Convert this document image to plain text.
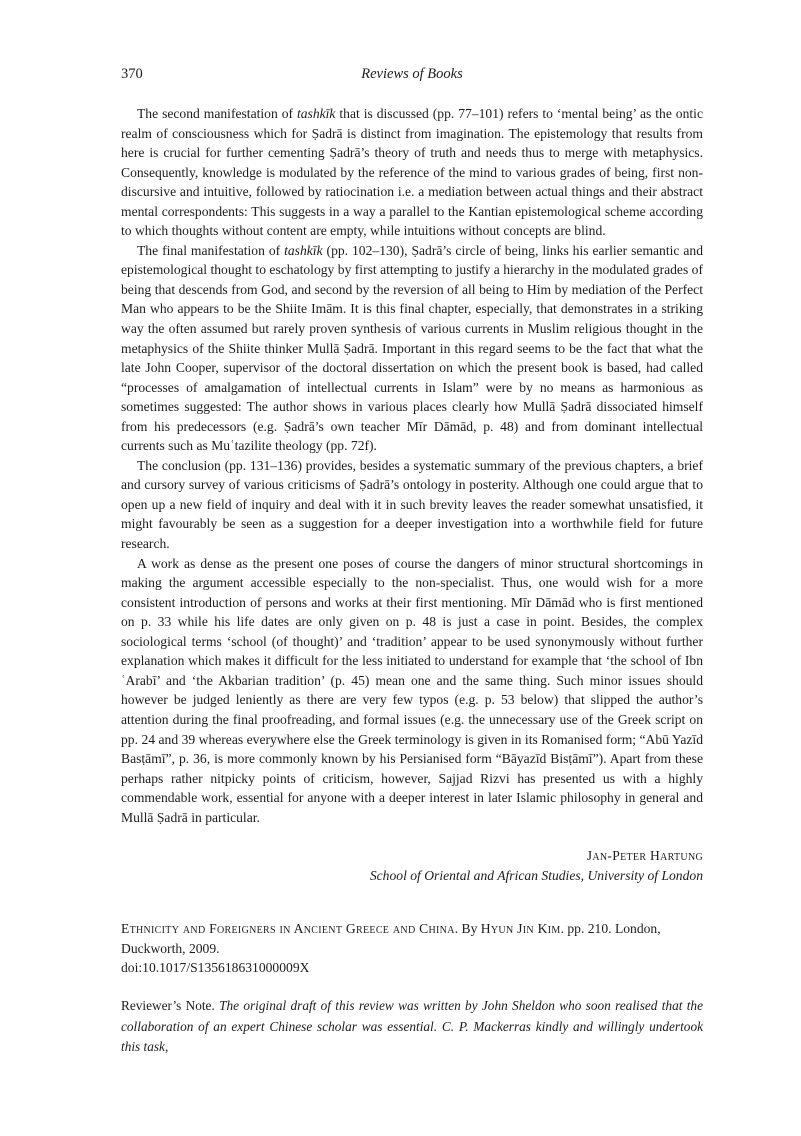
370	Reviews of Books

The second manifestation of tashkīk that is discussed (pp. 77–101) refers to ‘mental being’ as the ontic realm of consciousness which for Ṣadrā is distinct from imagination. The epistemology that results from here is crucial for further cementing Ṣadrā’s theory of truth and needs thus to merge with metaphysics. Consequently, knowledge is modulated by the reference of the mind to various grades of being, first non-discursive and intuitive, followed by ratiocination i.e. a mediation between actual things and their abstract mental correspondents: This suggests in a way a parallel to the Kantian epistemological scheme according to which thoughts without content are empty, while intuitions without concepts are blind.

The final manifestation of tashkīk (pp. 102–130), Ṣadrā’s circle of being, links his earlier semantic and epistemological thought to eschatology by first attempting to justify a hierarchy in the modulated grades of being that descends from God, and second by the reversion of all being to Him by mediation of the Perfect Man who appears to be the Shiite Imām. It is this final chapter, especially, that demonstrates in a striking way the often assumed but rarely proven synthesis of various currents in Muslim religious thought in the metaphysics of the Shiite thinker Mullā Ṣadrā. Important in this regard seems to be the fact that what the late John Cooper, supervisor of the doctoral dissertation on which the present book is based, had called “processes of amalgamation of intellectual currents in Islam” were by no means as harmonious as sometimes suggested: The author shows in various places clearly how Mullā Ṣadrā dissociated himself from his predecessors (e.g. Ṣadrā’s own teacher Mīr Dāmād, p. 48) and from dominant intellectual currents such as Muʿtazilite theology (pp. 72f).

The conclusion (pp. 131–136) provides, besides a systematic summary of the previous chapters, a brief and cursory survey of various criticisms of Ṣadrā’s ontology in posterity. Although one could argue that to open up a new field of inquiry and deal with it in such brevity leaves the reader somewhat unsatisfied, it might favourably be seen as a suggestion for a deeper investigation into a worthwhile field for future research.

A work as dense as the present one poses of course the dangers of minor structural shortcomings in making the argument accessible especially to the non-specialist. Thus, one would wish for a more consistent introduction of persons and works at their first mentioning. Mīr Dāmād who is first mentioned on p. 33 while his life dates are only given on p. 48 is just a case in point. Besides, the complex sociological terms ‘school (of thought)’ and ‘tradition’ appear to be used synonymously without further explanation which makes it difficult for the less initiated to understand for example that ‘the school of Ibn ʿArabī’ and ‘the Akbarian tradition’ (p. 45) mean one and the same thing. Such minor issues should however be judged leniently as there are very few typos (e.g. p. 53 below) that slipped the author’s attention during the final proofreading, and formal issues (e.g. the unnecessary use of the Greek script on pp. 24 and 39 whereas everywhere else the Greek terminology is given in its Romanised form; “Abū Yazīd Basṭāmī”, p. 36, is more commonly known by his Persianised form “Bāyazīd Bisṭāmī”). Apart from these perhaps rather nitpicky points of criticism, however, Sajjad Rizvi has presented us with a highly commendable work, essential for anyone with a deeper interest in later Islamic philosophy in general and Mullā Ṣadrā in particular.

Jan-Peter Hartung
School of Oriental and African Studies, University of London
Ethnicity and Foreigners in Ancient Greece and China. By Hyun Jin Kim. pp. 210. London, Duckworth, 2009.
doi:10.1017/S135618631000009X
Reviewer’s Note. The original draft of this review was written by John Sheldon who soon realised that the collaboration of an expert Chinese scholar was essential. C. P. Mackerras kindly and willingly undertook this task,
